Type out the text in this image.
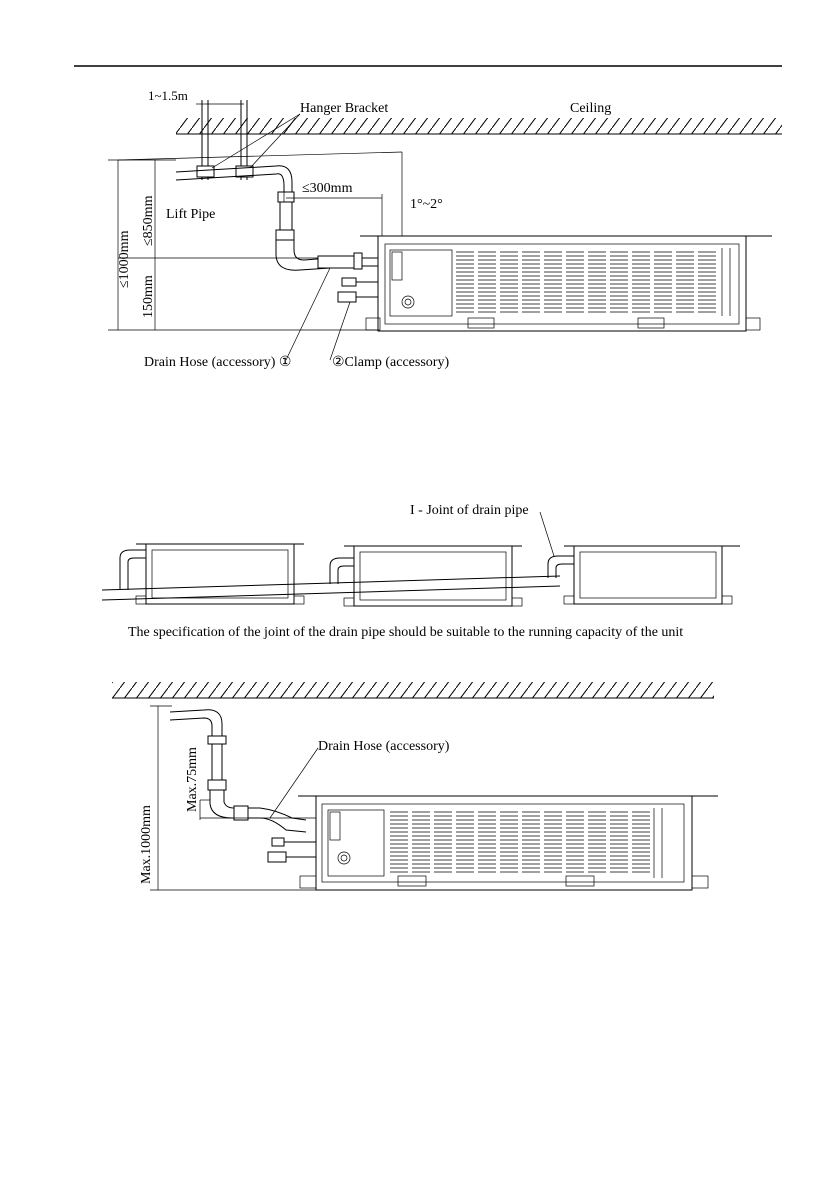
1~1.5m
Hanger Bracket	Ceiling
≤300mm
1°~2°
Lift Pipe
≤1000mm
≤850mm
150mm
Drain Hose (accessory) ①	②Clamp (accessory)
I - Joint of drain pipe
The specification of the joint of the drain pipe should be suitable to the running capacity of the unit
Drain Hose (accessory)
Max.1000mm
Max.75mm
